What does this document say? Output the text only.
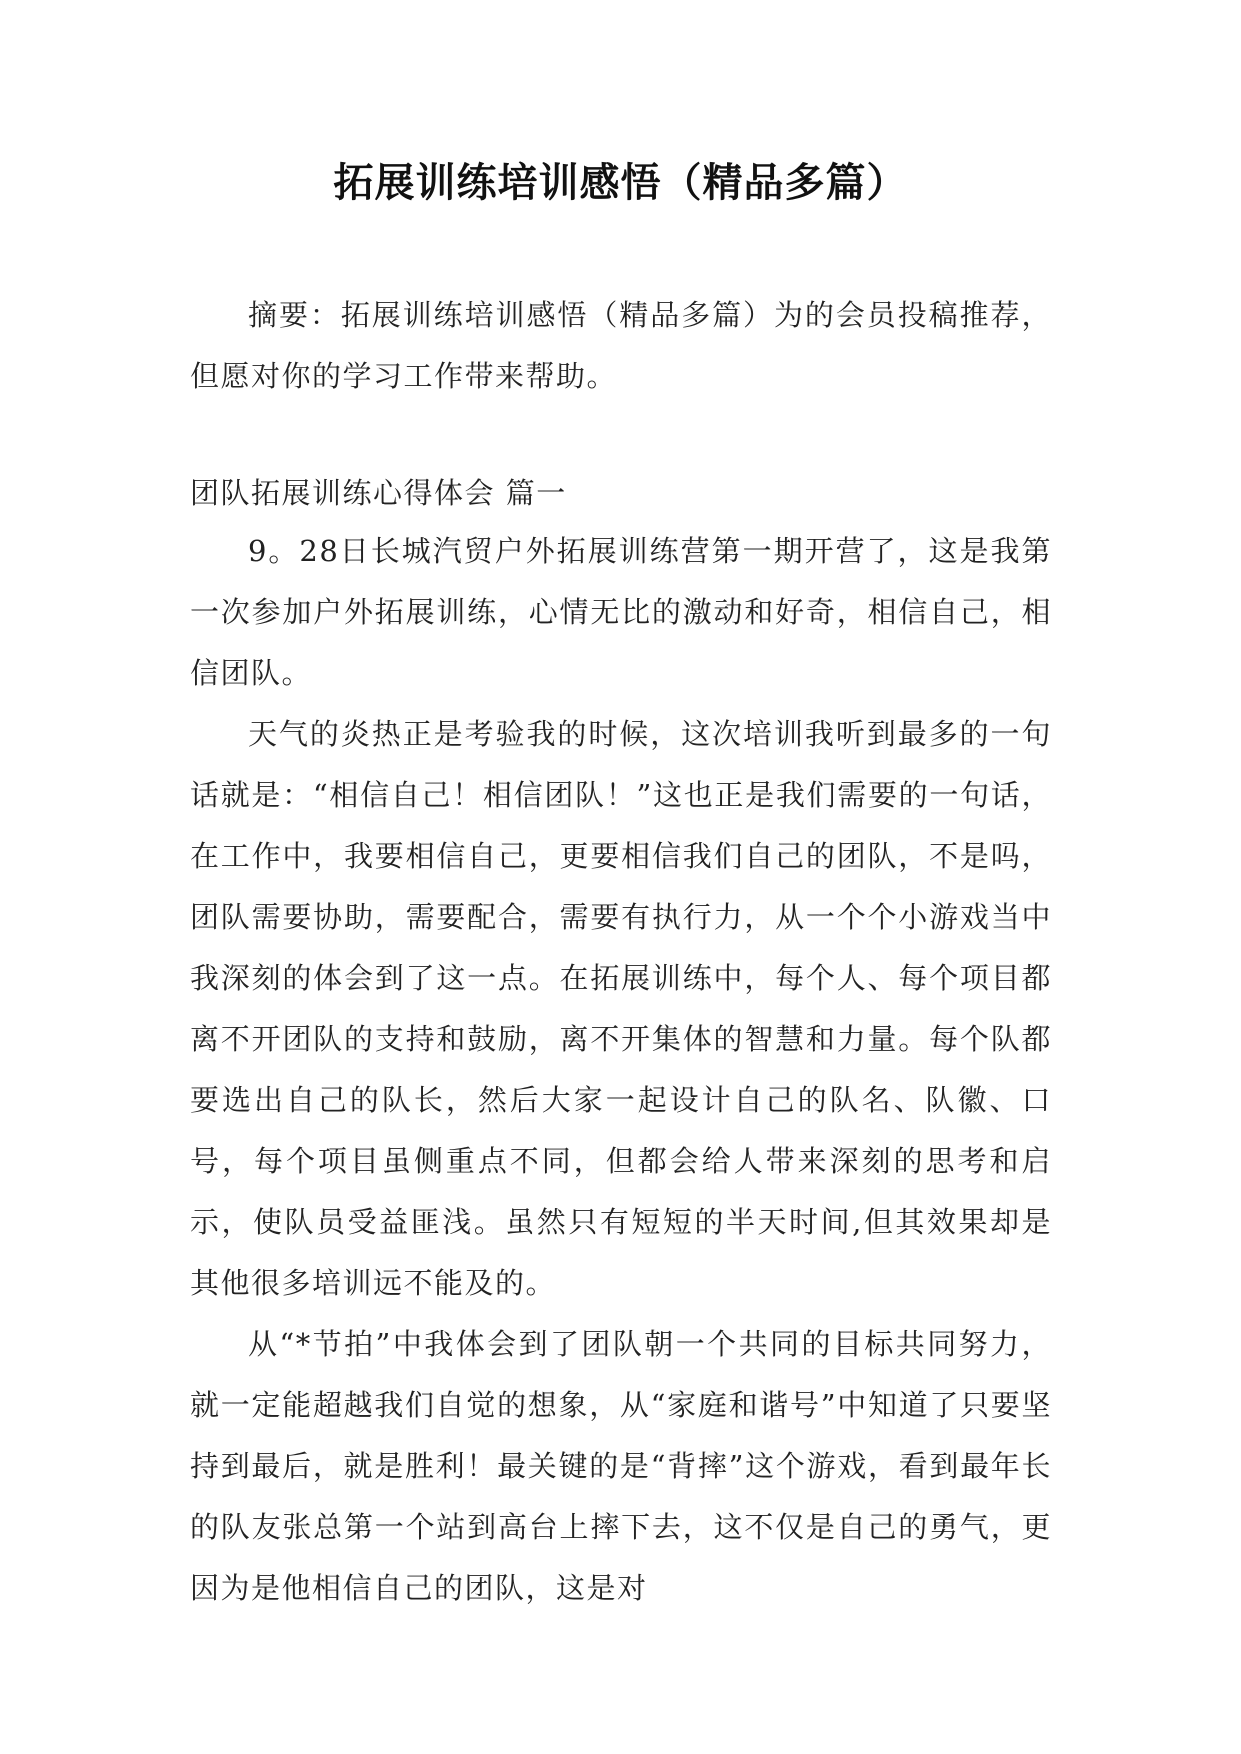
拓展训练培训感悟（精品多篇）

摘要：拓展训练培训感悟（精品多篇）为的会员投稿推荐，但愿对你的学习工作带来帮助。

团队拓展训练心得体会 篇一

9。28日长城汽贸户外拓展训练营第一期开营了，这是我第一次参加户外拓展训练，心情无比的激动和好奇，相信自己，相信团队。

天气的炎热正是考验我的时候，这次培训我听到最多的一句话就是：“相信自己！相信团队！”这也正是我们需要的一句话，在工作中，我要相信自己，更要相信我们自己的团队，不是吗，团队需要协助，需要配合，需要有执行力，从一个个小游戏当中我深刻的体会到了这一点。在拓展训练中，每个人、每个项目都离不开团队的支持和鼓励，离不开集体的智慧和力量。每个队都要选出自己的队长，然后大家一起设计自己的队名、队徽、口号，每个项目虽侧重点不同，但都会给人带来深刻的思考和启示，使队员受益匪浅。虽然只有短短的半天时间,但其效果却是其他很多培训远不能及的。

从“*节拍”中我体会到了团队朝一个共同的目标共同努力，就一定能超越我们自觉的想象，从“家庭和谐号”中知道了只要坚持到最后，就是胜利！最关键的是“背摔”这个游戏，看到最年长的队友张总第一个站到高台上摔下去，这不仅是自己的勇气，更因为是他相信自己的团队，这是对
